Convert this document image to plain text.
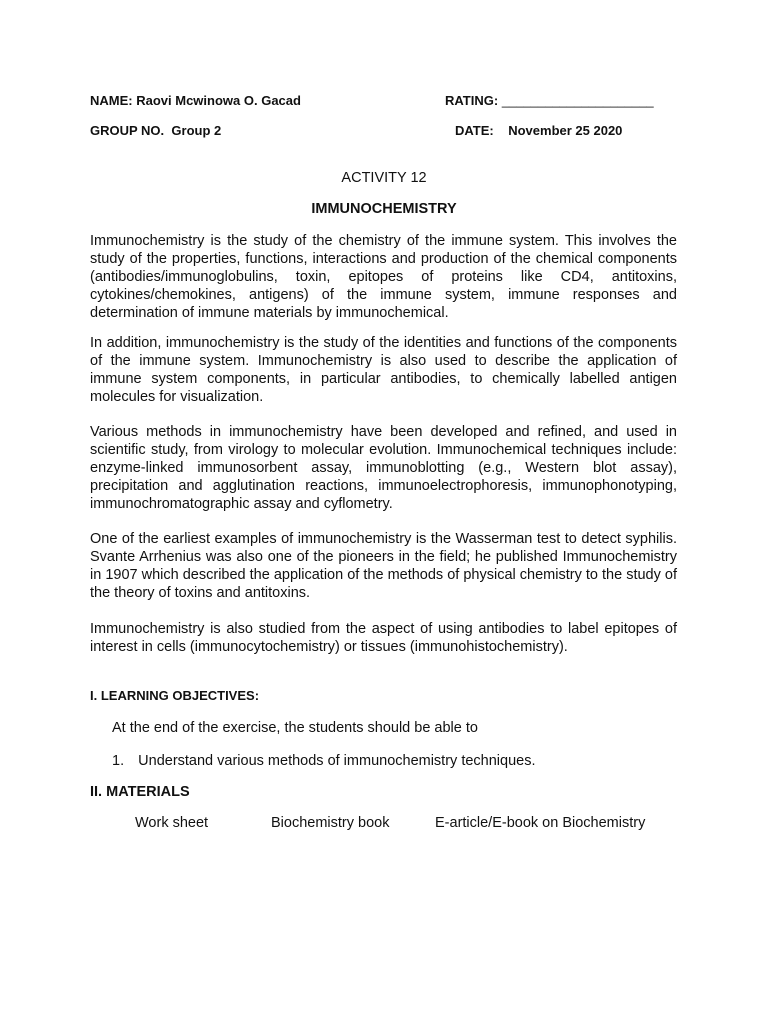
NAME: Raovi Mcwinowa O. Gacad	RATING: _____________________
GROUP NO. Group 2	DATE: November 25 2020
ACTIVITY 12
IMMUNOCHEMISTRY
Immunochemistry is the study of the chemistry of the immune system. This involves the study of the properties, functions, interactions and production of the chemical components (antibodies/immunoglobulins, toxin, epitopes of proteins like CD4, antitoxins, cytokines/chemokines, antigens) of the immune system, immune responses and determination of immune materials by immunochemical.
In addition, immunochemistry is the study of the identities and functions of the components of the immune system. Immunochemistry is also used to describe the application of immune system components, in particular antibodies, to chemically labelled antigen molecules for visualization.
Various methods in immunochemistry have been developed and refined, and used in scientific study, from virology to molecular evolution. Immunochemical techniques include: enzyme-linked immunosorbent assay, immunoblotting (e.g., Western blot assay), precipitation and agglutination reactions, immunoelectrophoresis, immunophonotyping, immunochromatographic assay and cyflometry.
One of the earliest examples of immunochemistry is the Wasserman test to detect syphilis. Svante Arrhenius was also one of the pioneers in the field; he published Immunochemistry in 1907 which described the application of the methods of physical chemistry to the study of the theory of toxins and antitoxins.
Immunochemistry is also studied from the aspect of using antibodies to label epitopes of interest in cells (immunocytochemistry) or tissues (immunohistochemistry).
I. LEARNING OBJECTIVES:
At the end of the exercise, the students should be able to
1. Understand various methods of immunochemistry techniques.
II. MATERIALS
Work sheet	Biochemistry book	E-article/E-book on Biochemistry
